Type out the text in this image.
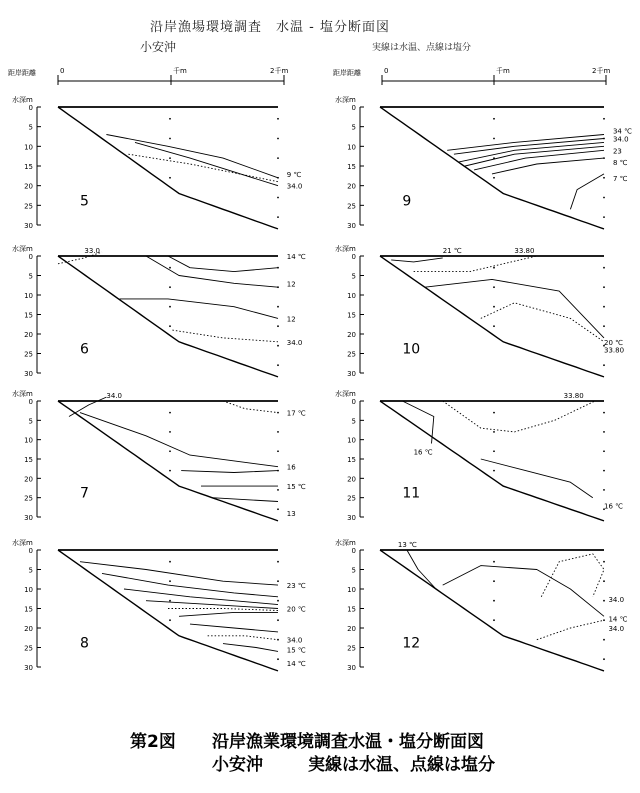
沿岸漁場環境調査　水温 - 塩分断面図
小安沖	実線は水温、点線は塩分
距岸距離	0	千m	2千m	距岸距離	0	千m	2千m
水深m
0
5
10
15
20
25
30
9 ℃
34.0
5
水深m
0
5
10
15
20
25
30
33.0
14 ℃
12
12
34.0
6
水深m
0
5
10
15
20
25
30
34.0
17 ℃
16
15 ℃
13
7
水深m
0
5
10
15
20
25
30
23 ℃
20 ℃
34.0
15 ℃
14 ℃
8
水深m
0
5
10
15
20
25
30
34 ℃
34.0
23
8 ℃
7 ℃
9
水深m
0
5
10
15
20
25
30
21 ℃	33.80
20 ℃
33.80
10
水深m
0
5
10
15
20
25
30
33.80
16 ℃
16 ℃
11
水深m
0
5
10
15
20
25
30
13 ℃
34.0
14 ℃
34.0
12
第2図 沿岸漁業環境調査水温・塩分断面図
小安沖	実線は水温、点線は塩分
